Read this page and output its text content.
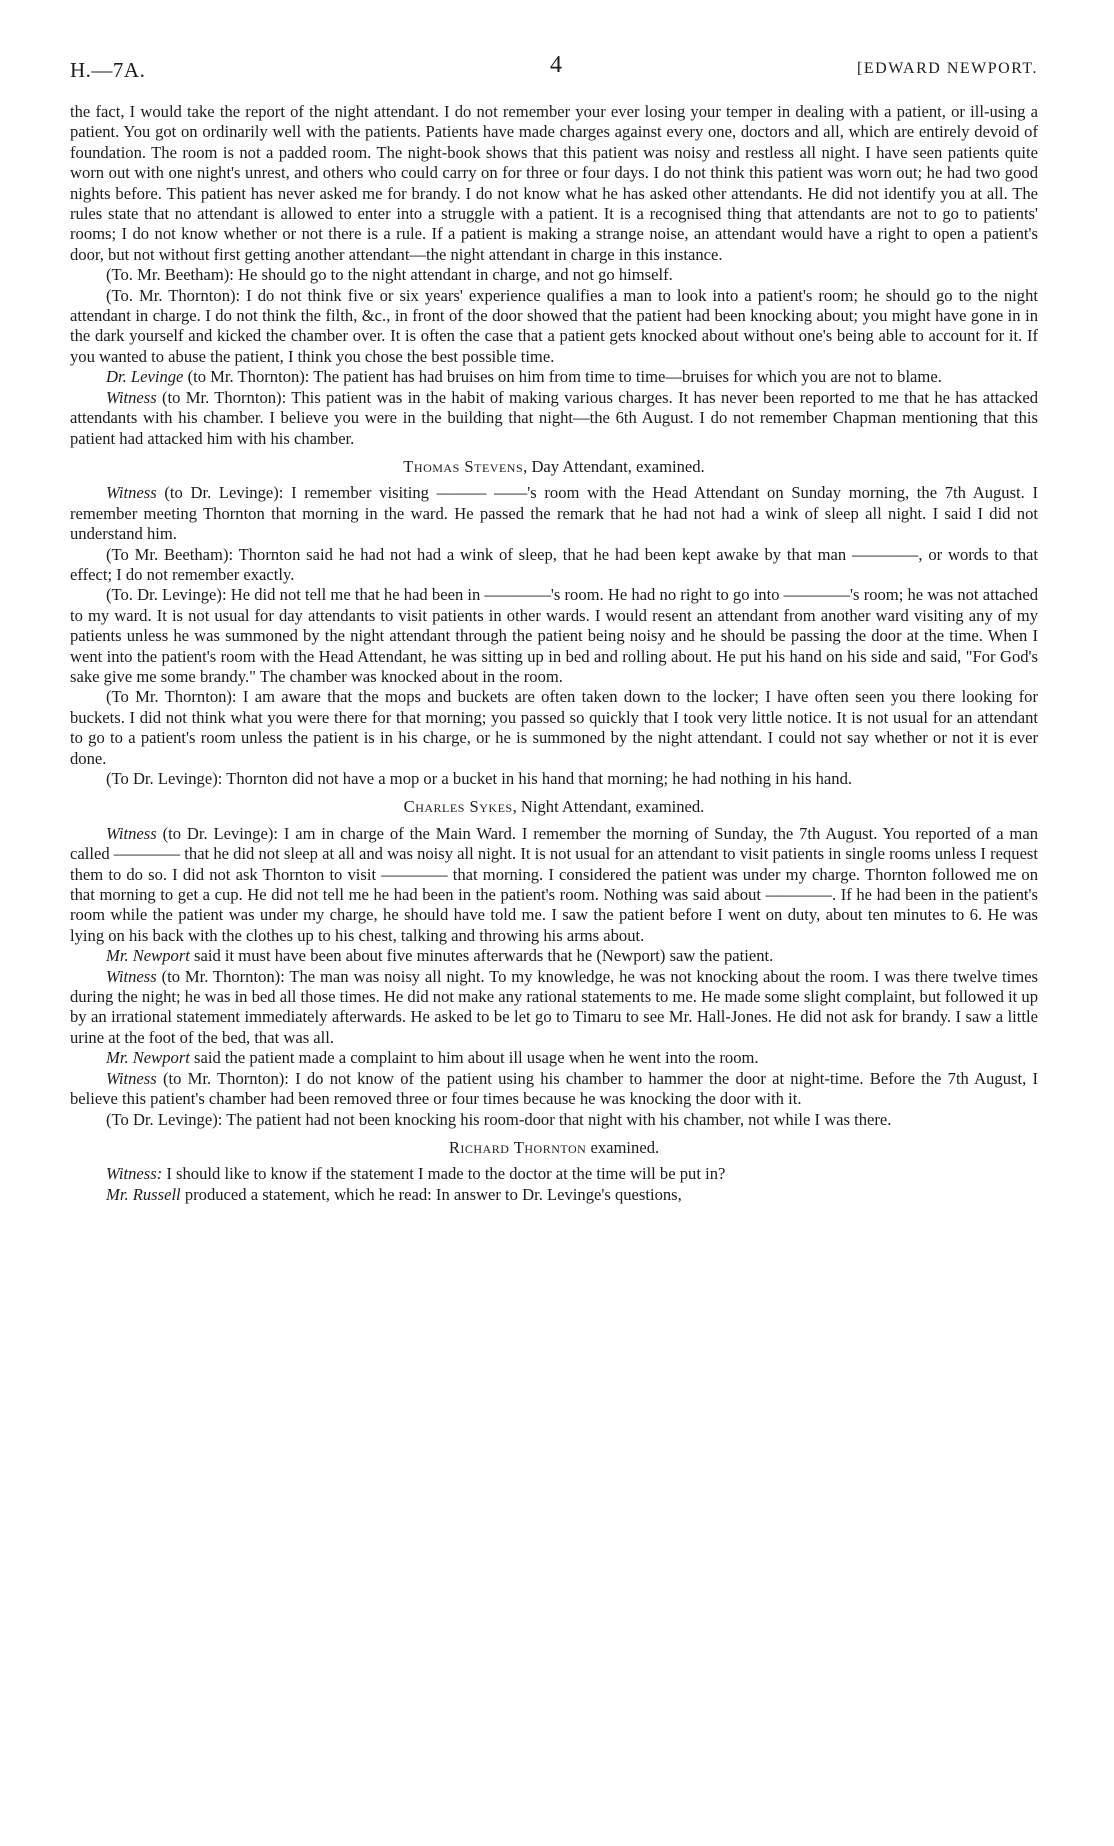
H.—7A.	4	[EDWARD NEWPORT.

the fact, I would take the report of the night attendant. I do not remember your ever losing your temper in dealing with a patient, or ill-using a patient. You got on ordinarily well with the patients. Patients have made charges against every one, doctors and all, which are entirely devoid of foundation. The room is not a padded room. The night-book shows that this patient was noisy and restless all night. I have seen patients quite worn out with one night's unrest, and others who could carry on for three or four days. I do not think this patient was worn out; he had two good nights before. This patient has never asked me for brandy. I do not know what he has asked other attendants. He did not identify you at all. The rules state that no attendant is allowed to enter into a struggle with a patient. It is a recognised thing that attendants are not to go to patients' rooms; I do not know whether or not there is a rule. If a patient is making a strange noise, an attendant would have a right to open a patient's door, but not without first getting another attendant—the night attendant in charge in this instance.

(To. Mr. Beetham): He should go to the night attendant in charge, and not go himself.

(To. Mr. Thornton): I do not think five or six years' experience qualifies a man to look into a patient's room; he should go to the night attendant in charge. I do not think the filth, &c., in front of the door showed that the patient had been knocking about; you might have gone in in the dark yourself and kicked the chamber over. It is often the case that a patient gets knocked about without one's being able to account for it. If you wanted to abuse the patient, I think you chose the best possible time.

Dr. Levinge (to Mr. Thornton): The patient has had bruises on him from time to time—bruises for which you are not to blame.

Witness (to Mr. Thornton): This patient was in the habit of making various charges. It has never been reported to me that he has attacked attendants with his chamber. I believe you were in the building that night—the 6th August. I do not remember Chapman mentioning that this patient had attacked him with his chamber.

Thomas Stevens, Day Attendant, examined.

Witness (to Dr. Levinge): I remember visiting ——— ——'s room with the Head Attendant on Sunday morning, the 7th August. I remember meeting Thornton that morning in the ward. He passed the remark that he had not had a wink of sleep all night. I said I did not understand him.

(To Mr. Beetham): Thornton said he had not had a wink of sleep, that he had been kept awake by that man ————, or words to that effect; I do not remember exactly.

(To. Dr. Levinge): He did not tell me that he had been in ————'s room. He had no right to go into ————'s room; he was not attached to my ward. It is not usual for day attendants to visit patients in other wards. I would resent an attendant from another ward visiting any of my patients unless he was summoned by the night attendant through the patient being noisy and he should be passing the door at the time. When I went into the patient's room with the Head Attendant, he was sitting up in bed and rolling about. He put his hand on his side and said, "For God's sake give me some brandy." The chamber was knocked about in the room.

(To Mr. Thornton): I am aware that the mops and buckets are often taken down to the locker; I have often seen you there looking for buckets. I did not think what you were there for that morning; you passed so quickly that I took very little notice. It is not usual for an attendant to go to a patient's room unless the patient is in his charge, or he is summoned by the night attendant. I could not say whether or not it is ever done.

(To Dr. Levinge): Thornton did not have a mop or a bucket in his hand that morning; he had nothing in his hand.

Charles Sykes, Night Attendant, examined.

Witness (to Dr. Levinge): I am in charge of the Main Ward. I remember the morning of Sunday, the 7th August. You reported of a man called ———— that he did not sleep at all and was noisy all night. It is not usual for an attendant to visit patients in single rooms unless I request them to do so. I did not ask Thornton to visit ———— that morning. I considered the patient was under my charge. Thornton followed me on that morning to get a cup. He did not tell me he had been in the patient's room. Nothing was said about ————. If he had been in the patient's room while the patient was under my charge, he should have told me. I saw the patient before I went on duty, about ten minutes to 6. He was lying on his back with the clothes up to his chest, talking and throwing his arms about.

Mr. Newport said it must have been about five minutes afterwards that he (Newport) saw the patient.

Witness (to Mr. Thornton): The man was noisy all night. To my knowledge, he was not knocking about the room. I was there twelve times during the night; he was in bed all those times. He did not make any rational statements to me. He made some slight complaint, but followed it up by an irrational statement immediately afterwards. He asked to be let go to Timaru to see Mr. Hall-Jones. He did not ask for brandy. I saw a little urine at the foot of the bed, that was all.

Mr. Newport said the patient made a complaint to him about ill usage when he went into the room.

Witness (to Mr. Thornton): I do not know of the patient using his chamber to hammer the door at night-time. Before the 7th August, I believe this patient's chamber had been removed three or four times because he was knocking the door with it.

(To Dr. Levinge): The patient had not been knocking his room-door that night with his chamber, not while I was there.

Richard Thornton examined.

Witness: I should like to know if the statement I made to the doctor at the time will be put in?

Mr. Russell produced a statement, which he read: In answer to Dr. Levinge's questions,
